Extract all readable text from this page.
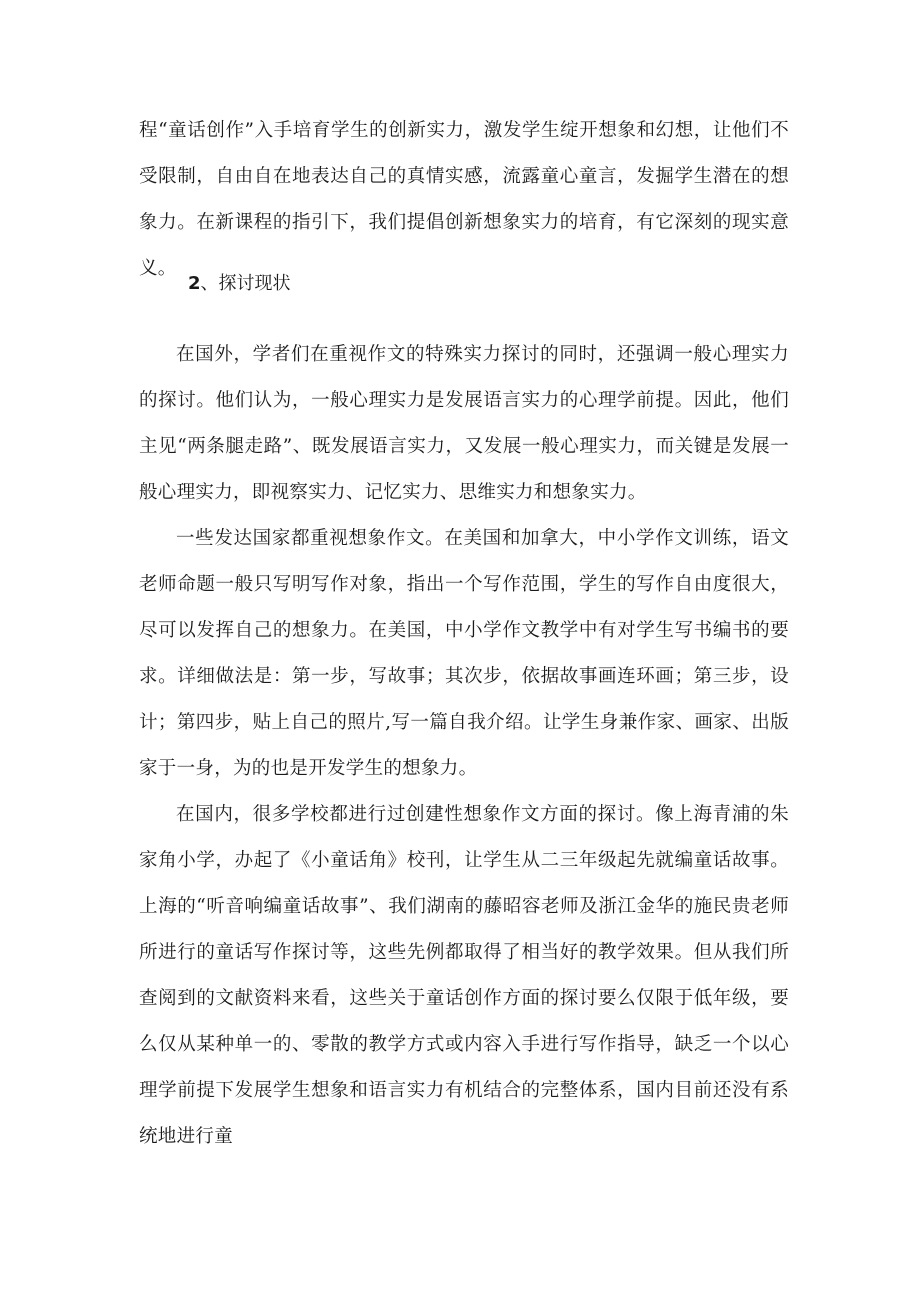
程“童话创作”入手培育学生的创新实力，激发学生绽开想象和幻想，让他们不受限制，自由自在地表达自己的真情实感，流露童心童言，发掘学生潜在的想象力。在新课程的指引下，我们提倡创新想象实力的培育，有它深刻的现实意义。

2、探讨现状

在国外，学者们在重视作文的特殊实力探讨的同时，还强调一般心理实力的探讨。他们认为，一般心理实力是发展语言实力的心理学前提。因此，他们主见“两条腿走路”、既发展语言实力，又发展一般心理实力，而关键是发展一般心理实力，即视察实力、记忆实力、思维实力和想象实力。

一些发达国家都重视想象作文。在美国和加拿大，中小学作文训练，语文老师命题一般只写明写作对象，指出一个写作范围，学生的写作自由度很大，尽可以发挥自己的想象力。在美国，中小学作文教学中有对学生写书编书的要求。详细做法是：第一步，写故事；其次步，依据故事画连环画；第三步，设计；第四步，贴上自己的照片,写一篇自我介绍。让学生身兼作家、画家、出版家于一身，为的也是开发学生的想象力。

在国内，很多学校都进行过创建性想象作文方面的探讨。像上海青浦的朱家角小学，办起了《小童话角》校刊，让学生从二三年级起先就编童话故事。上海的“听音响编童话故事”、我们湖南的藤昭容老师及浙江金华的施民贵老师所进行的童话写作探讨等，这些先例都取得了相当好的教学效果。但从我们所查阅到的文献资料来看，这些关于童话创作方面的探讨要么仅限于低年级，要么仅从某种单一的、零散的教学方式或内容入手进行写作指导，缺乏一个以心理学前提下发展学生想象和语言实力有机结合的完整体系，国内目前还没有系统地进行童
